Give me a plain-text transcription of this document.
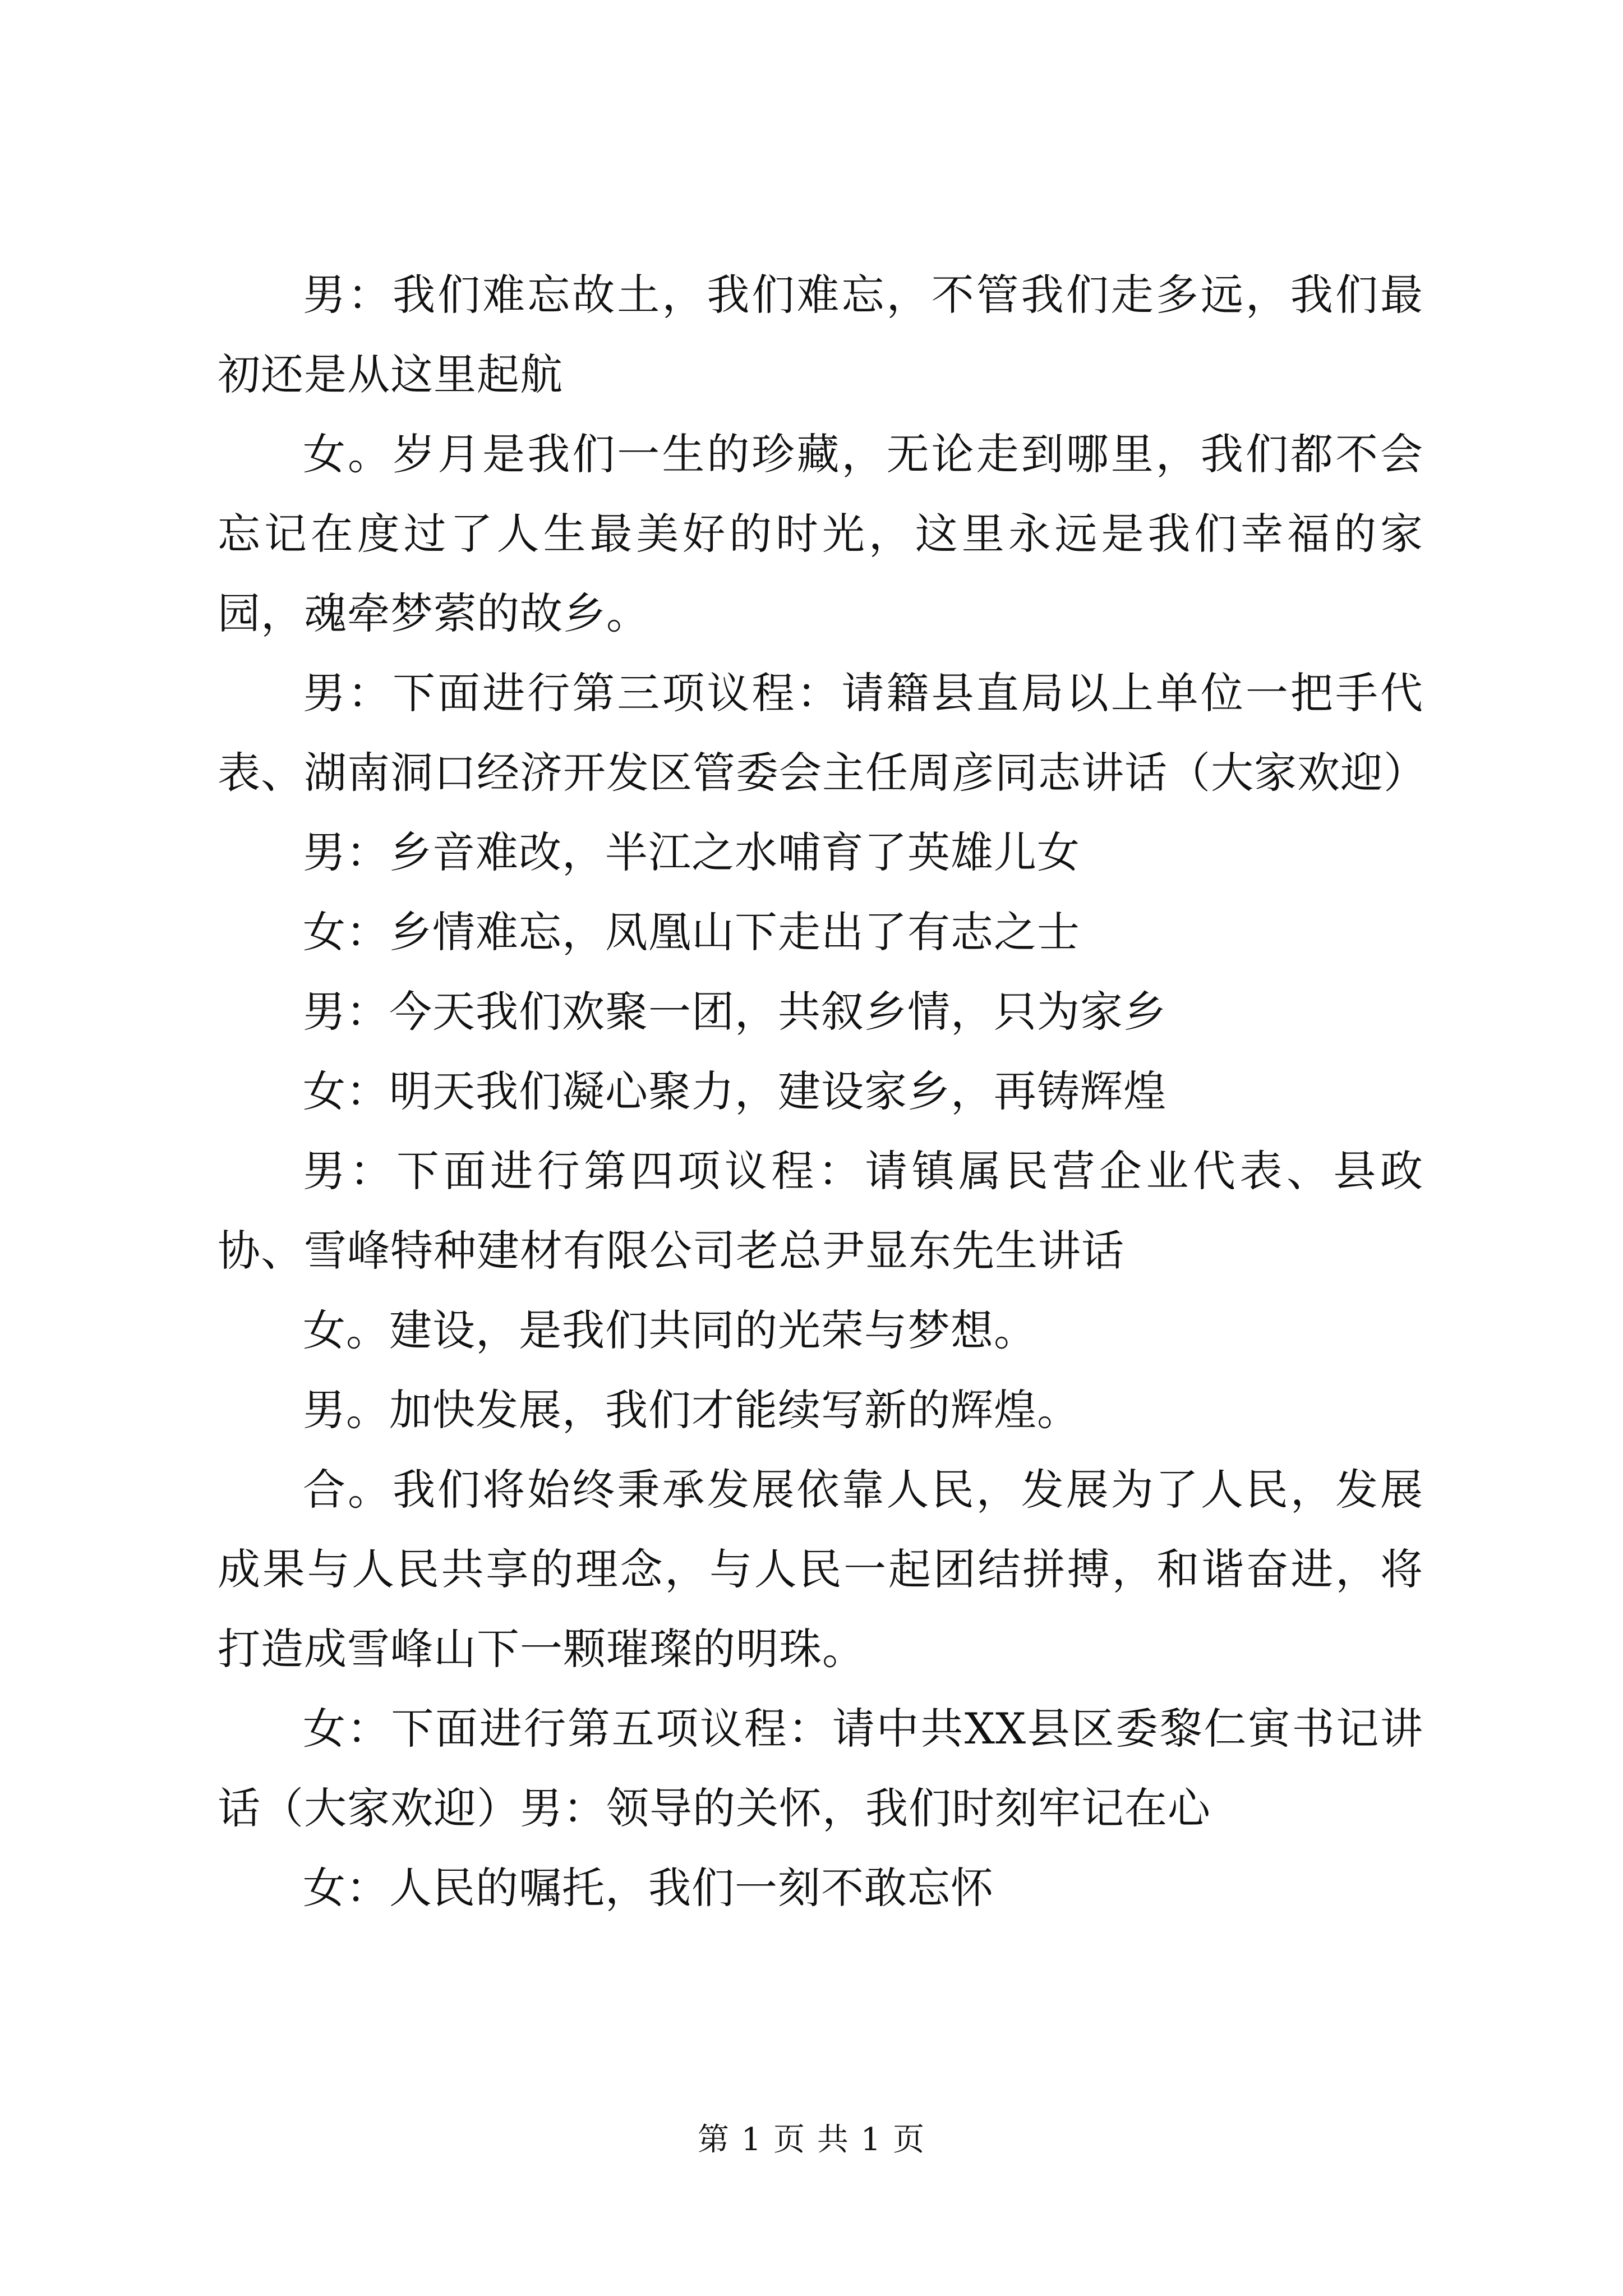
男：我们难忘故土，我们难忘，不管我们走多远，我们最初还是从这里起航

女。岁月是我们一生的珍藏，无论走到哪里，我们都不会忘记在度过了人生最美好的时光，这里永远是我们幸福的家园，魂牵梦萦的故乡。

男：下面进行第三项议程：请籍县直局以上单位一把手代表、湖南洞口经济开发区管委会主任周彦同志讲话（大家欢迎）

男：乡音难改，半江之水哺育了英雄儿女

女：乡情难忘，凤凰山下走出了有志之士

男：今天我们欢聚一团，共叙乡情，只为家乡

女：明天我们凝心聚力，建设家乡，再铸辉煌

男：下面进行第四项议程：请镇属民营企业代表、县政协、雪峰特种建材有限公司老总尹显东先生讲话

女。建设，是我们共同的光荣与梦想。

男。加快发展，我们才能续写新的辉煌。

合。我们将始终秉承发展依靠人民，发展为了人民，发展成果与人民共享的理念，与人民一起团结拼搏，和谐奋进，将打造成雪峰山下一颗璀璨的明珠。

女：下面进行第五项议程：请中共XX县区委黎仁寅书记讲话（大家欢迎）男：领导的关怀，我们时刻牢记在心

女：人民的嘱托，我们一刻不敢忘怀

第 1 页 共 1 页
